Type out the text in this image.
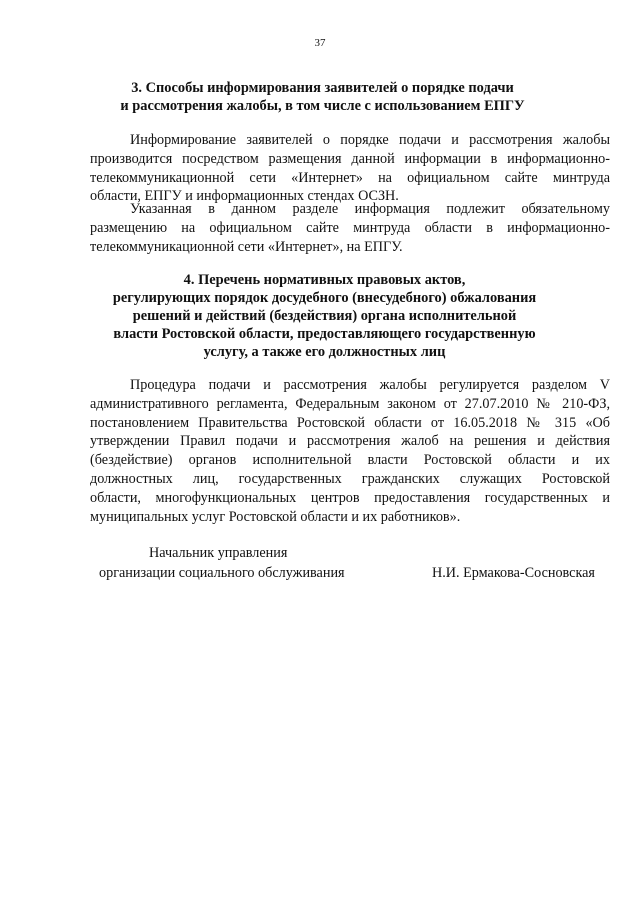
37
3. Способы информирования заявителей о порядке подачи
и рассмотрения жалобы, в том числе с использованием ЕПГУ
Информирование заявителей о порядке подачи и рассмотрения жалобы
производится посредством размещения данной информации в информационно-
телекоммуникационной сети «Интернет» на официальном сайте минтруда
области, ЕПГУ и информационных стендах ОСЗН.
Указанная в данном разделе информация подлежит обязательному
размещению на официальном сайте минтруда области в информационно-
телекоммуникационной сети «Интернет», на ЕПГУ.
4. Перечень нормативных правовых актов,
регулирующих порядок досудебного (внесудебного) обжалования
решений и действий (бездействия) органа исполнительной
власти Ростовской области, предоставляющего государственную
услугу, а также его должностных лиц
Процедура подачи и рассмотрения жалобы регулируется разделом V
административного регламента, Федеральным законом от 27.07.2010 № 210-ФЗ,
постановлением Правительства Ростовской области от 16.05.2018 № 315 «Об
утверждении Правил подачи и рассмотрения жалоб на решения и действия
(бездействие) органов исполнительной власти Ростовской области и их
должностных лиц, государственных гражданских служащих Ростовской
области, многофункциональных центров предоставления государственных и
муниципальных услуг Ростовской области и их работников».
Начальник управления
организации социального обслуживания	Н.И. Ермакова-Сосновская
